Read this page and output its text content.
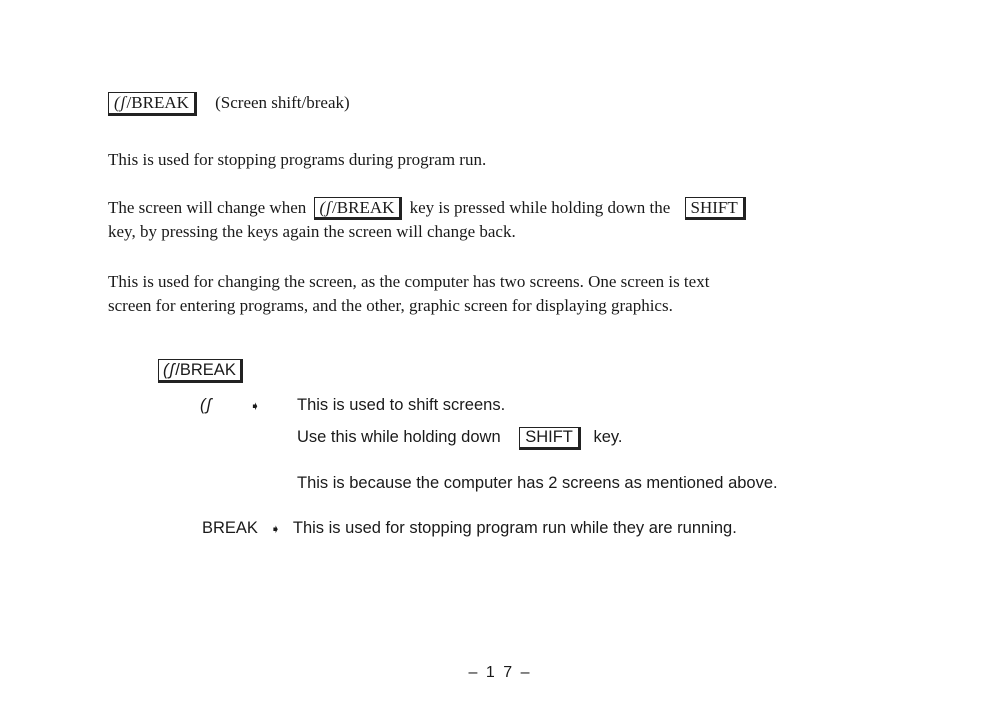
(ʃ/BREAK (Screen shift/break)
This is used for stopping programs during program run.
The screen will change when (ʃ/BREAK key is pressed while holding down the SHIFT
key, by pressing the keys again the screen will change back.
This is used for changing the screen, as the computer has two screens. One screen is text
screen for entering programs, and the other, graphic screen for displaying graphics.
(ʃ/BREAK
(ʃ	➧ This is used to shift screens.
Use this while holding down SHIFT key.
This is because the computer has 2 screens as mentioned above.
BREAK ➧ This is used for stopping program run while they are running.
– 1 7 –
